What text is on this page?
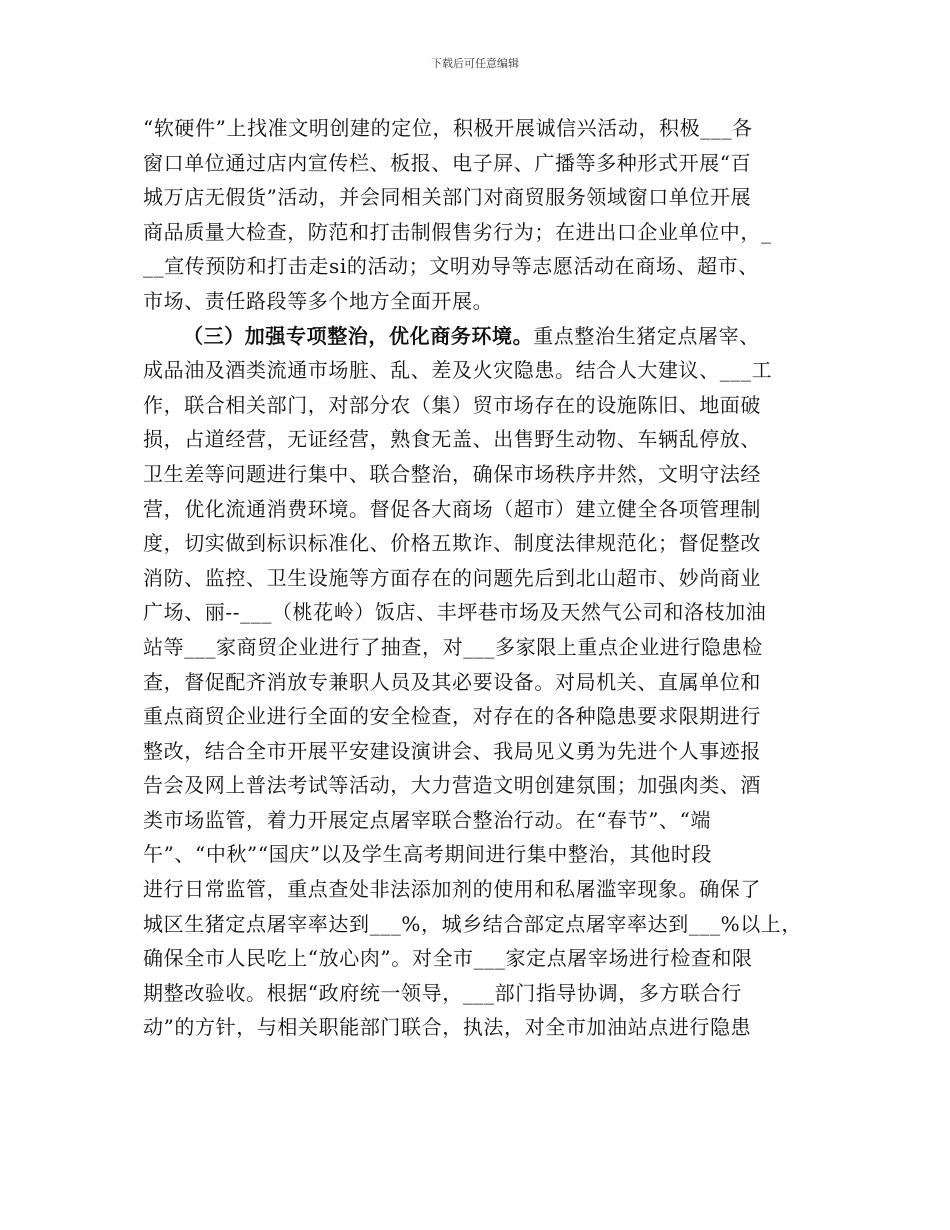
下载后可任意编辑
“软硬件”上找准文明创建的定位，积极开展诚信兴活动，积极___各
窗口单位通过店内宣传栏、板报、电子屏、广播等多种形式开展“百
城万店无假货”活动，并会同相关部门对商贸服务领域窗口单位开展
商品质量大检查，防范和打击制假售劣行为；在进出口企业单位中，_
__宣传预防和打击走si的活动；文明劝导等志愿活动在商场、超市、
市场、责任路段等多个地方全面开展。
（三）加强专项整治，优化商务环境。重点整治生猪定点屠宰、
成品油及酒类流通市场脏、乱、差及火灾隐患。结合人大建议、___工
作，联合相关部门，对部分农（集）贸市场存在的设施陈旧、地面破
损，占道经营，无证经营，熟食无盖、出售野生动物、车辆乱停放、
卫生差等问题进行集中、联合整治，确保市场秩序井然，文明守法经
营，优化流通消费环境。督促各大商场（超市）建立健全各项管理制
度，切实做到标识标准化、价格五欺诈、制度法律规范化；督促整改
消防、监控、卫生设施等方面存在的问题先后到北山超市、妙尚商业
广场、丽--___（桃花岭）饭店、丰坪巷市场及天然气公司和洛枝加油
站等___家商贸企业进行了抽查，对___多家限上重点企业进行隐患检
查，督促配齐消放专兼职人员及其必要设备。对局机关、直属单位和
重点商贸企业进行全面的安全检查，对存在的各种隐患要求限期进行
整改，结合全市开展平安建设演讲会、我局见义勇为先进个人事迹报
告会及网上普法考试等活动，大力营造文明创建氛围；加强肉类、酒
类市场监管，着力开展定点屠宰联合整治行动。在“春节”、“端
午”、“中秋”“国庆”以及学生高考期间进行集中整治，其他时段
进行日常监管，重点查处非法添加剂的使用和私屠滥宰现象。确保了
城区生猪定点屠宰率达到___%，城乡结合部定点屠宰率达到___%以上，
确保全市人民吃上“放心肉”。对全市___家定点屠宰场进行检查和限
期整改验收。根据“政府统一领导，___部门指导协调，多方联合行
动”的方针，与相关职能部门联合，执法，对全市加油站点进行隐患
